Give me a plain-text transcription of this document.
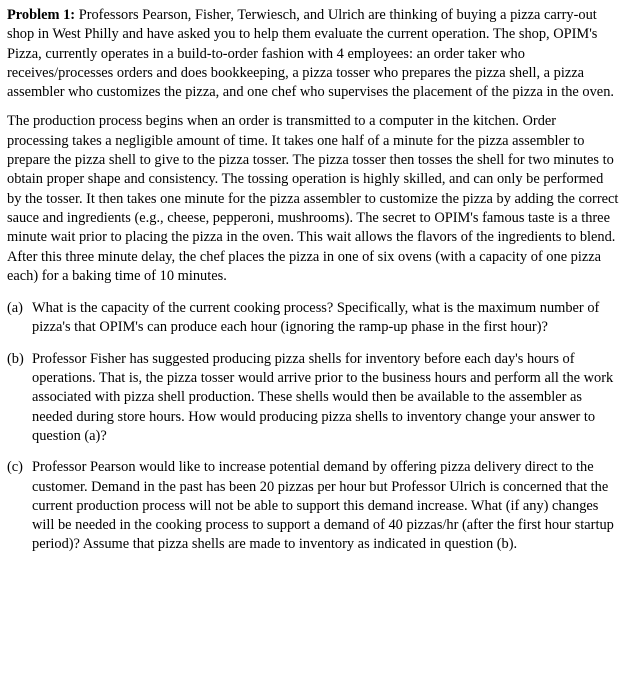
Problem 1: Professors Pearson, Fisher, Terwiesch, and Ulrich are thinking of buying a pizza carry-out shop in West Philly and have asked you to help them evaluate the current operation. The shop, OPIM's Pizza, currently operates in a build-to-order fashion with 4 employees: an order taker who receives/processes orders and does bookkeeping, a pizza tosser who prepares the pizza shell, a pizza assembler who customizes the pizza, and one chef who supervises the placement of the pizza in the oven.

The production process begins when an order is transmitted to a computer in the kitchen. Order processing takes a negligible amount of time. It takes one half of a minute for the pizza assembler to prepare the pizza shell to give to the pizza tosser. The pizza tosser then tosses the shell for two minutes to obtain proper shape and consistency. The tossing operation is highly skilled, and can only be performed by the tosser. It then takes one minute for the pizza assembler to customize the pizza by adding the correct sauce and ingredients (e.g., cheese, pepperoni, mushrooms). The secret to OPIM's famous taste is a three minute wait prior to placing the pizza in the oven. This wait allows the flavors of the ingredients to blend. After this three minute delay, the chef places the pizza in one of six ovens (with a capacity of one pizza each) for a baking time of 10 minutes.

(a) What is the capacity of the current cooking process? Specifically, what is the maximum number of pizza's that OPIM's can produce each hour (ignoring the ramp-up phase in the first hour)?
(b) Professor Fisher has suggested producing pizza shells for inventory before each day's hours of operations. That is, the pizza tosser would arrive prior to the business hours and perform all the work associated with pizza shell production. These shells would then be available to the assembler as needed during store hours. How would producing pizza shells to inventory change your answer to question (a)?
(c) Professor Pearson would like to increase potential demand by offering pizza delivery direct to the customer. Demand in the past has been 20 pizzas per hour but Professor Ulrich is concerned that the current production process will not be able to support this demand increase. What (if any) changes will be needed in the cooking process to support a demand of 40 pizzas/hr (after the first hour startup period)? Assume that pizza shells are made to inventory as indicated in question (b).
